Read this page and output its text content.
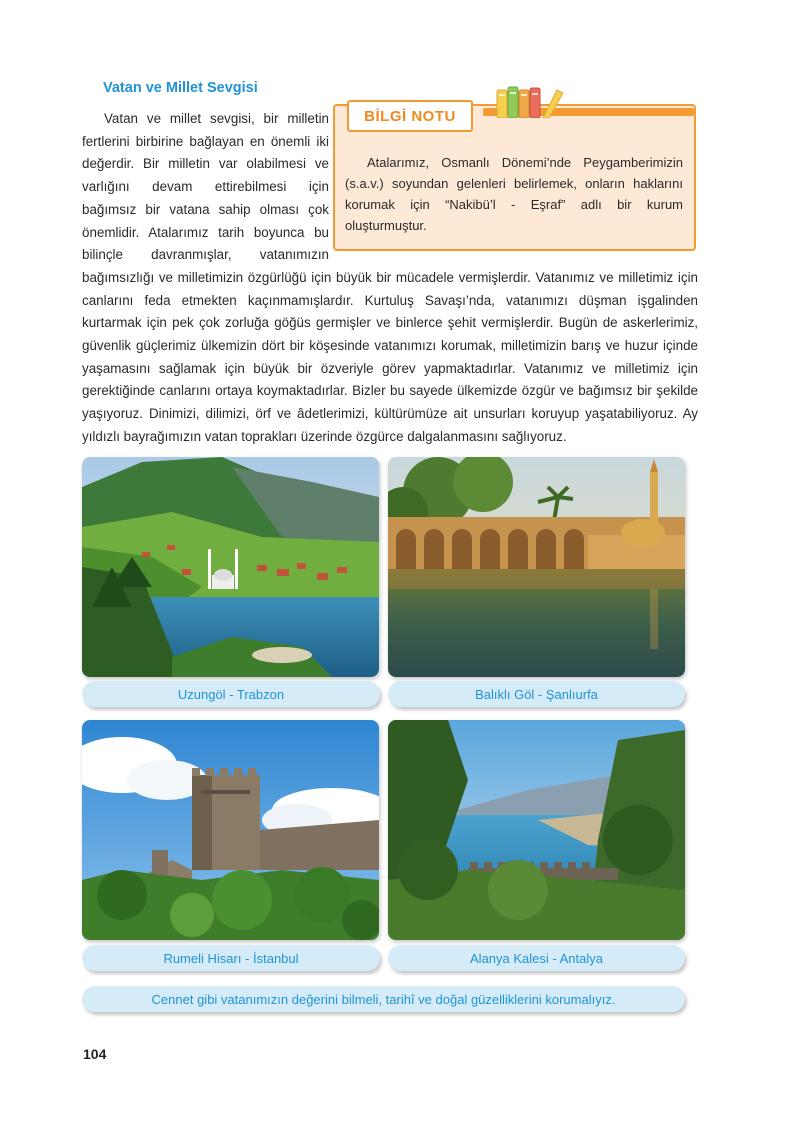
Vatan ve Millet Sevgisi

Vatan ve millet sevgisi, bir milletin fertlerini birbirine bağlayan en önemli iki değerdir. Bir milletin var olabilmesi ve varlığını devam ettirebilmesi için bağımsız bir vatana sahip olması çok önemlidir. Atalarımız tarih boyunca bu bilinçle davranmışlar, vatanımızın bağımsızlığı ve milletimizin özgürlüğü için büyük bir mücadele vermişlerdir. Vatanımız ve milletimiz için canlarını feda etmekten kaçınmamışlardır. Kurtuluş Savaşı’nda, vatanımızı düşman işgalinden kurtarmak için pek çok zorluğa göğüs germişler ve binlerce şehit vermişlerdir. Bugün de askerlerimiz, güvenlik güçlerimiz ülkemizin dört bir köşesinde vatanımızı korumak, milletimizin barış ve huzur içinde yaşamasını sağlamak için büyük bir özveriyle görev yapmaktadırlar. Vatanımız ve milletimiz için gerektiğinde canlarını ortaya koymaktadırlar. Bizler bu sayede ülkemizde özgür ve bağımsız bir şekilde yaşıyoruz. Dinimizi, dilimizi, örf ve âdetlerimizi, kültürümüze ait unsurları koruyup yaşatabiliyoruz. Ay yıldızlı bayrağımızın vatan toprakları üzerinde özgürce dalgalanmasını sağlıyoruz.

BİLGİ NOTU

Atalarımız, Osmanlı Dönemi’nde Peygamberimizin (s.a.v.) soyundan gelenleri belirlemek, onların haklarını korumak için “Nakibü’l - Eşraf” adlı bir kurum oluşturmuştur.

Uzungöl - Trabzon	Balıklı Göl - Şanlıurfa
Rumeli Hisarı - İstanbul	Alanya Kalesi - Antalya
Cennet gibi vatanımızın değerini bilmeli, tarihî ve doğal güzelliklerini korumalıyız.
104
